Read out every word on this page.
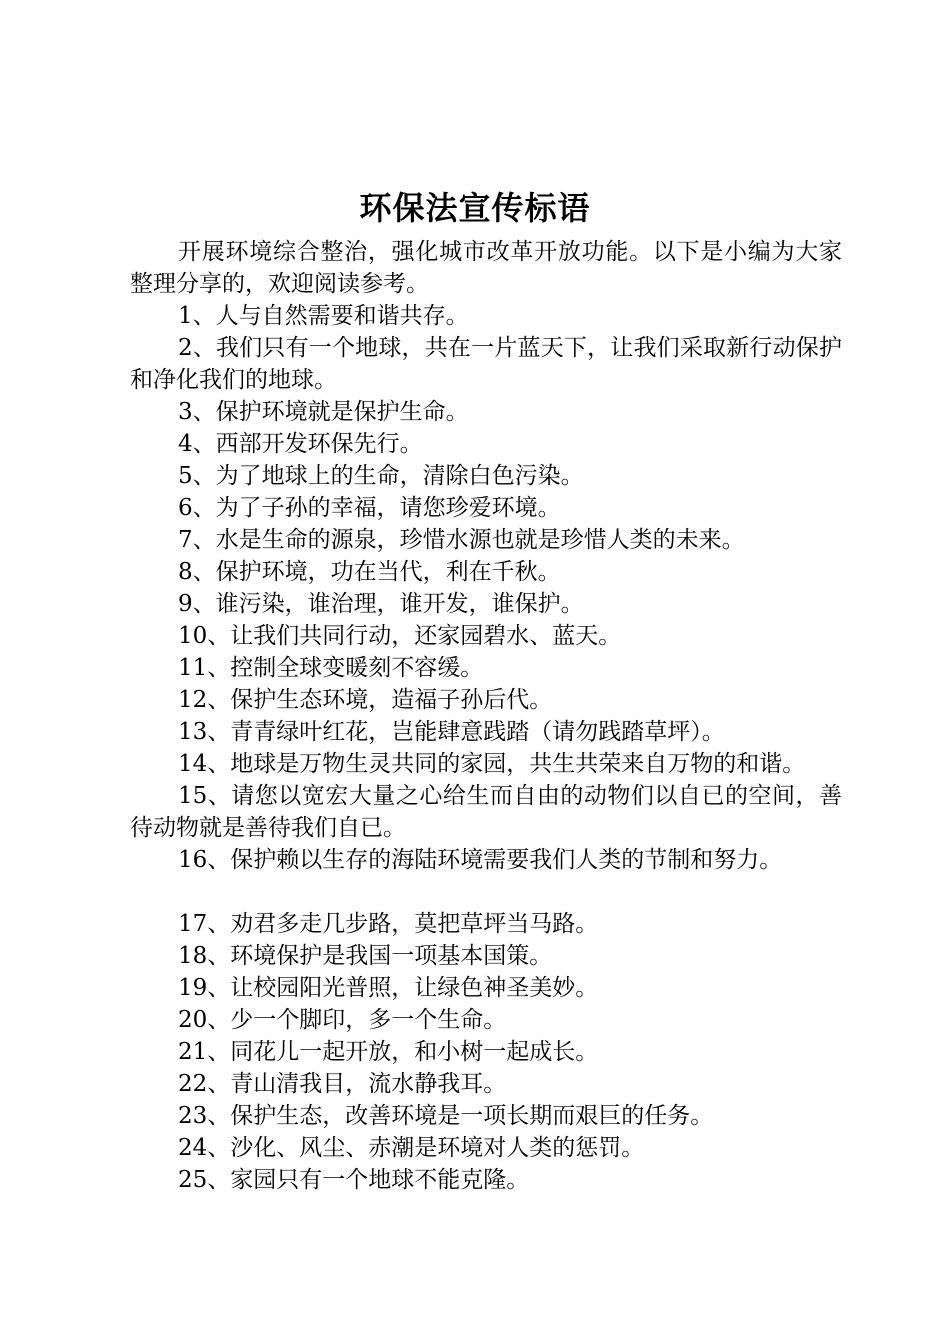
环保法宣传标语

开展环境综合整治，强化城市改革开放功能。以下是小编为大家整理分享的，欢迎阅读参考。

1、人与自然需要和谐共存。

2、我们只有一个地球，共在一片蓝天下，让我们采取新行动保护和净化我们的地球。

3、保护环境就是保护生命。

4、西部开发环保先行。

5、为了地球上的生命，清除白色污染。

6、为了子孙的幸福，请您珍爱环境。

7、水是生命的源泉，珍惜水源也就是珍惜人类的未来。

8、保护环境，功在当代，利在千秋。

9、谁污染，谁治理，谁开发，谁保护。

10、让我们共同行动，还家园碧水、蓝天。

11、控制全球变暖刻不容缓。

12、保护生态环境，造福子孙后代。

13、青青绿叶红花，岂能肆意践踏（请勿践踏草坪）。

14、地球是万物生灵共同的家园，共生共荣来自万物的和谐。

15、请您以宽宏大量之心给生而自由的动物们以自已的空间，善待动物就是善待我们自已。

16、保护赖以生存的海陆环境需要我们人类的节制和努力。

17、劝君多走几步路，莫把草坪当马路。

18、环境保护是我国一项基本国策。

19、让校园阳光普照，让绿色神圣美妙。

20、少一个脚印，多一个生命。

21、同花儿一起开放，和小树一起成长。

22、青山清我目，流水静我耳。

23、保护生态，改善环境是一项长期而艰巨的任务。

24、沙化、风尘、赤潮是环境对人类的惩罚。

25、家园只有一个地球不能克隆。
